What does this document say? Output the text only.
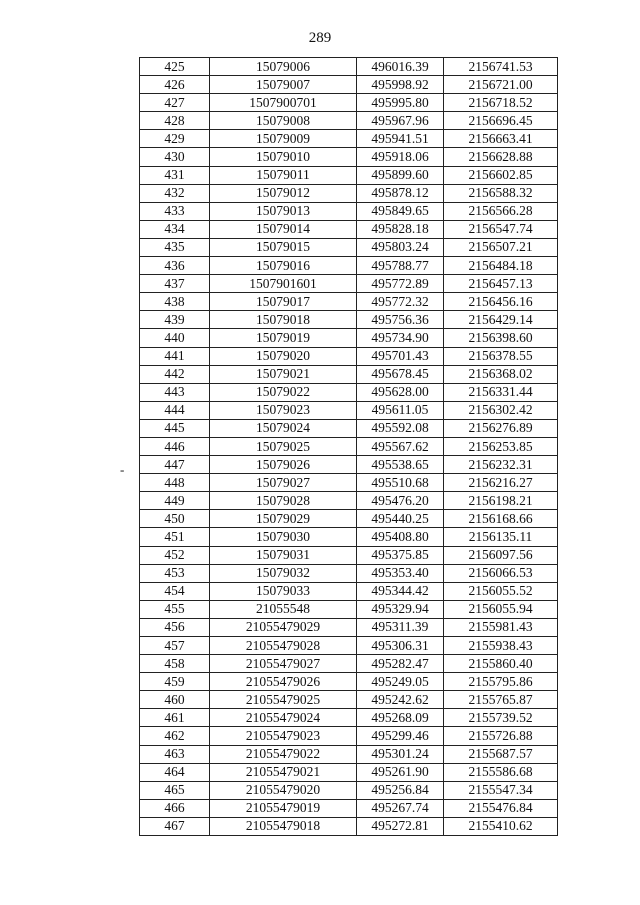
289
-
425	15079006	496016.39	2156741.53
426	15079007	495998.92	2156721.00
427	1507900701	495995.80	2156718.52
428	15079008	495967.96	2156696.45
429	15079009	495941.51	2156663.41
430	15079010	495918.06	2156628.88
431	15079011	495899.60	2156602.85
432	15079012	495878.12	2156588.32
433	15079013	495849.65	2156566.28
434	15079014	495828.18	2156547.74
435	15079015	495803.24	2156507.21
436	15079016	495788.77	2156484.18
437	1507901601	495772.89	2156457.13
438	15079017	495772.32	2156456.16
439	15079018	495756.36	2156429.14
440	15079019	495734.90	2156398.60
441	15079020	495701.43	2156378.55
442	15079021	495678.45	2156368.02
443	15079022	495628.00	2156331.44
444	15079023	495611.05	2156302.42
445	15079024	495592.08	2156276.89
446	15079025	495567.62	2156253.85
447	15079026	495538.65	2156232.31
448	15079027	495510.68	2156216.27
449	15079028	495476.20	2156198.21
450	15079029	495440.25	2156168.66
451	15079030	495408.80	2156135.11
452	15079031	495375.85	2156097.56
453	15079032	495353.40	2156066.53
454	15079033	495344.42	2156055.52
455	21055548	495329.94	2156055.94
456	21055479029	495311.39	2155981.43
457	21055479028	495306.31	2155938.43
458	21055479027	495282.47	2155860.40
459	21055479026	495249.05	2155795.86
460	21055479025	495242.62	2155765.87
461	21055479024	495268.09	2155739.52
462	21055479023	495299.46	2155726.88
463	21055479022	495301.24	2155687.57
464	21055479021	495261.90	2155586.68
465	21055479020	495256.84	2155547.34
466	21055479019	495267.74	2155476.84
467	21055479018	495272.81	2155410.62
